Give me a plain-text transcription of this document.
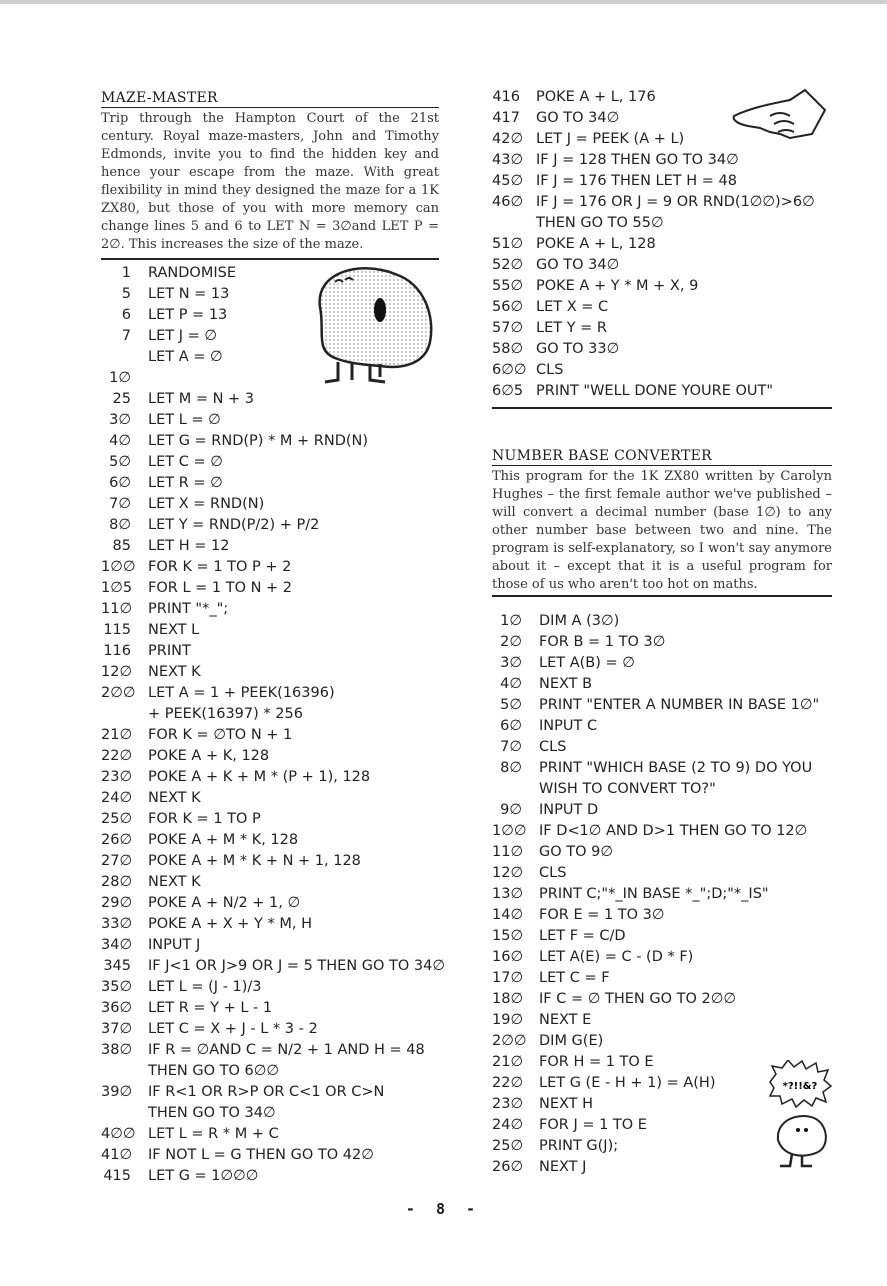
MAZE-MASTER
Trip through the Hampton Court of the 21st century. Royal maze-masters, John and Timothy Edmonds, invite you to find the hidden key and hence your escape from the maze. With great flexibility in mind they designed the maze for a 1K ZX80, but those of you with more memory can change lines 5 and 6 to LET N = 3∅and LET P = 2∅. This increases the size of the maze.
1 RANDOMISE
5 LET N = 13
6 LET P = 13
7 LET J = ∅
LET A = ∅
1∅
25 LET M = N + 3
3∅ LET L = ∅
4∅ LET G = RND(P) * M + RND(N)
5∅ LET C = ∅
6∅ LET R = ∅
7∅ LET X = RND(N)
8∅ LET Y = RND(P/2) + P/2
85 LET H = 12
1∅∅ FOR K = 1 TO P + 2
1∅5 FOR L = 1 TO N + 2
11∅ PRINT "*_";
115 NEXT L
116 PRINT
12∅ NEXT K
2∅∅ LET A = 1 + PEEK(16396)
+ PEEK(16397) * 256
21∅ FOR K = ∅TO N + 1
22∅ POKE A + K, 128
23∅ POKE A + K + M * (P + 1), 128
24∅ NEXT K
25∅ FOR K = 1 TO P
26∅ POKE A + M * K, 128
27∅ POKE A + M * K + N + 1, 128
28∅ NEXT K
29∅ POKE A + N/2 + 1, ∅
33∅ POKE A + X + Y * M, H
34∅ INPUT J
345 IF J<1 OR J>9 OR J = 5 THEN GO TO 34∅
35∅ LET L = (J - 1)/3
36∅ LET R = Y + L - 1
37∅ LET C = X + J - L * 3 - 2
38∅ IF R = ∅AND C = N/2 + 1 AND H = 48
THEN GO TO 6∅∅
39∅ IF R<1 OR R>P OR C<1 OR C>N
THEN GO TO 34∅
4∅∅ LET L = R * M + C
41∅ IF NOT L = G THEN GO TO 42∅
415 LET G = 1∅∅∅
416 POKE A + L, 176
417 GO TO 34∅
42∅ LET J = PEEK (A + L)
43∅ IF J = 128 THEN GO TO 34∅
45∅ IF J = 176 THEN LET H = 48
46∅ IF J = 176 OR J = 9 OR RND(1∅∅)>6∅
THEN GO TO 55∅
51∅ POKE A + L, 128
52∅ GO TO 34∅
55∅ POKE A + Y * M + X, 9
56∅ LET X = C
57∅ LET Y = R
58∅ GO TO 33∅
6∅∅ CLS
6∅5 PRINT "WELL DONE YOURE OUT"
NUMBER BASE CONVERTER
This program for the 1K ZX80 written by Carolyn Hughes – the first female author we've published – will convert a decimal number (base 1∅) to any other number base between two and nine. The program is self-explanatory, so I won't say anymore about it – except that it is a useful program for those of us who aren't too hot on maths.
1∅ DIM A (3∅)
2∅ FOR B = 1 TO 3∅
3∅ LET A(B) = ∅
4∅ NEXT B
5∅ PRINT "ENTER A NUMBER IN BASE 1∅"
6∅ INPUT C
7∅ CLS
8∅ PRINT "WHICH BASE (2 TO 9) DO YOU
WISH TO CONVERT TO?"
9∅ INPUT D
1∅∅ IF D<1∅ AND D>1 THEN GO TO 12∅
11∅ GO TO 9∅
12∅ CLS
13∅ PRINT C;"*_IN BASE *_";D;"*_IS"
14∅ FOR E = 1 TO 3∅
15∅ LET F = C/D
16∅ LET A(E) = C - (D * F)
17∅ LET C = F
18∅ IF C = ∅ THEN GO TO 2∅∅
19∅ NEXT E
2∅∅ DIM G(E)
21∅ FOR H = 1 TO E
22∅ LET G (E - H + 1) = A(H)
23∅ NEXT H
24∅ FOR J = 1 TO E
25∅ PRINT G(J);
26∅ NEXT J
*?!!&?
- 8 -
